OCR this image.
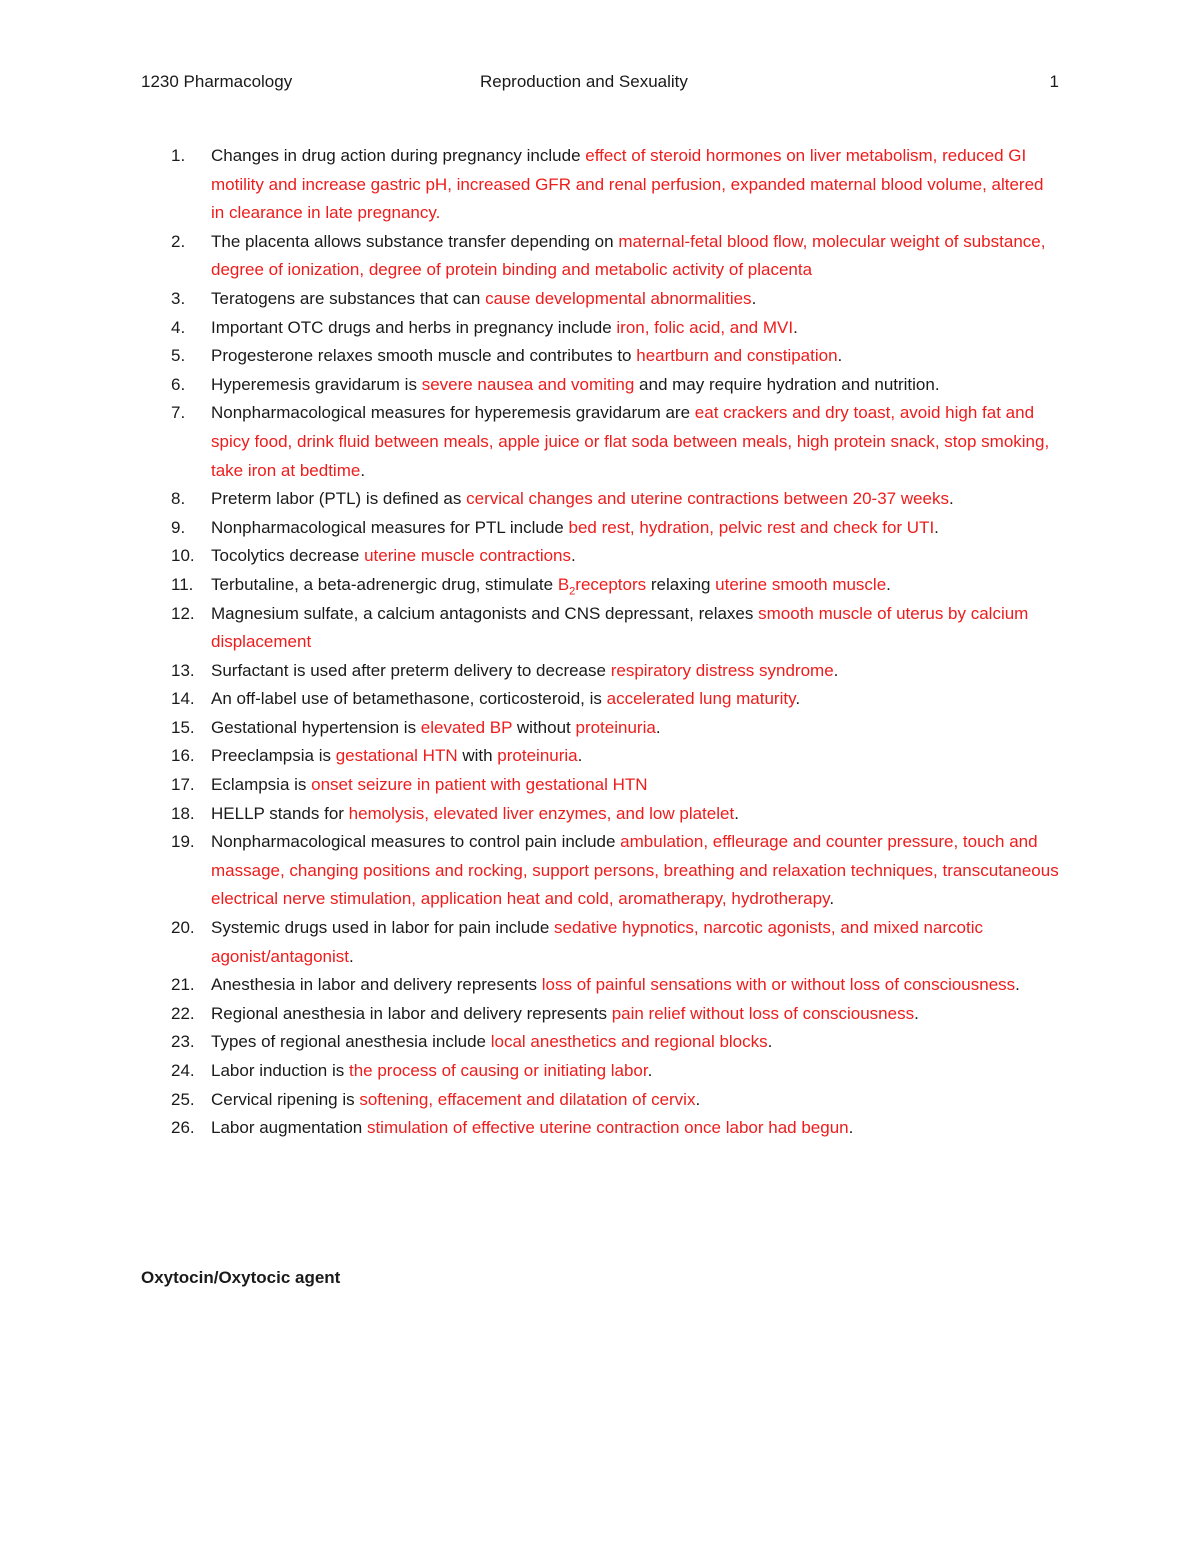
1230 Pharmacology	Reproduction and Sexuality	1
1. Changes in drug action during pregnancy include effect of steroid hormones on liver metabolism, reduced GI motility and increase gastric pH, increased GFR and renal perfusion, expanded maternal blood volume, altered in clearance in late pregnancy.
2. The placenta allows substance transfer depending on maternal-fetal blood flow, molecular weight of substance, degree of ionization, degree of protein binding and metabolic activity of placenta
3. Teratogens are substances that can cause developmental abnormalities.
4. Important OTC drugs and herbs in pregnancy include iron, folic acid, and MVI.
5. Progesterone relaxes smooth muscle and contributes to heartburn and constipation.
6. Hyperemesis gravidarum is severe nausea and vomiting and may require hydration and nutrition.
7. Nonpharmacological measures for hyperemesis gravidarum are eat crackers and dry toast, avoid high fat and spicy food, drink fluid between meals, apple juice or flat soda between meals, high protein snack, stop smoking, take iron at bedtime.
8. Preterm labor (PTL) is defined as cervical changes and uterine contractions between 20-37 weeks.
9. Nonpharmacological measures for PTL include bed rest, hydration, pelvic rest and check for UTI.
10. Tocolytics decrease uterine muscle contractions.
11. Terbutaline, a beta-adrenergic drug, stimulate $B_2receptors$ relaxing uterine smooth muscle.
12. Magnesium sulfate, a calcium antagonists and CNS depressant, relaxes smooth muscle of uterus by calcium displacement
13. Surfactant is used after preterm delivery to decrease respiratory distress syndrome.
14. An off-label use of betamethasone, corticosteroid, is accelerated lung maturity.
15. Gestational hypertension is elevated BP without proteinuria.
16. Preeclampsia is gestational HTN with proteinuria.
17. Eclampsia is onset seizure in patient with gestational HTN
18. HELLP stands for hemolysis, elevated liver enzymes, and low platelet.
19. Nonpharmacological measures to control pain include ambulation, effleurage and counter pressure, touch and massage, changing positions and rocking, support persons, breathing and relaxation techniques, transcutaneous electrical nerve stimulation, application heat and cold, aromatherapy, hydrotherapy.
20. Systemic drugs used in labor for pain include sedative hypnotics, narcotic agonists, and mixed narcotic agonist/antagonist.
21. Anesthesia in labor and delivery represents loss of painful sensations with or without loss of consciousness.
22. Regional anesthesia in labor and delivery represents pain relief without loss of consciousness.
23. Types of regional anesthesia include local anesthetics and regional blocks.
24. Labor induction is the process of causing or initiating labor.
25. Cervical ripening is softening, effacement and dilatation of cervix.
26. Labor augmentation stimulation of effective uterine contraction once labor had begun.
Oxytocin/Oxytocic agent
